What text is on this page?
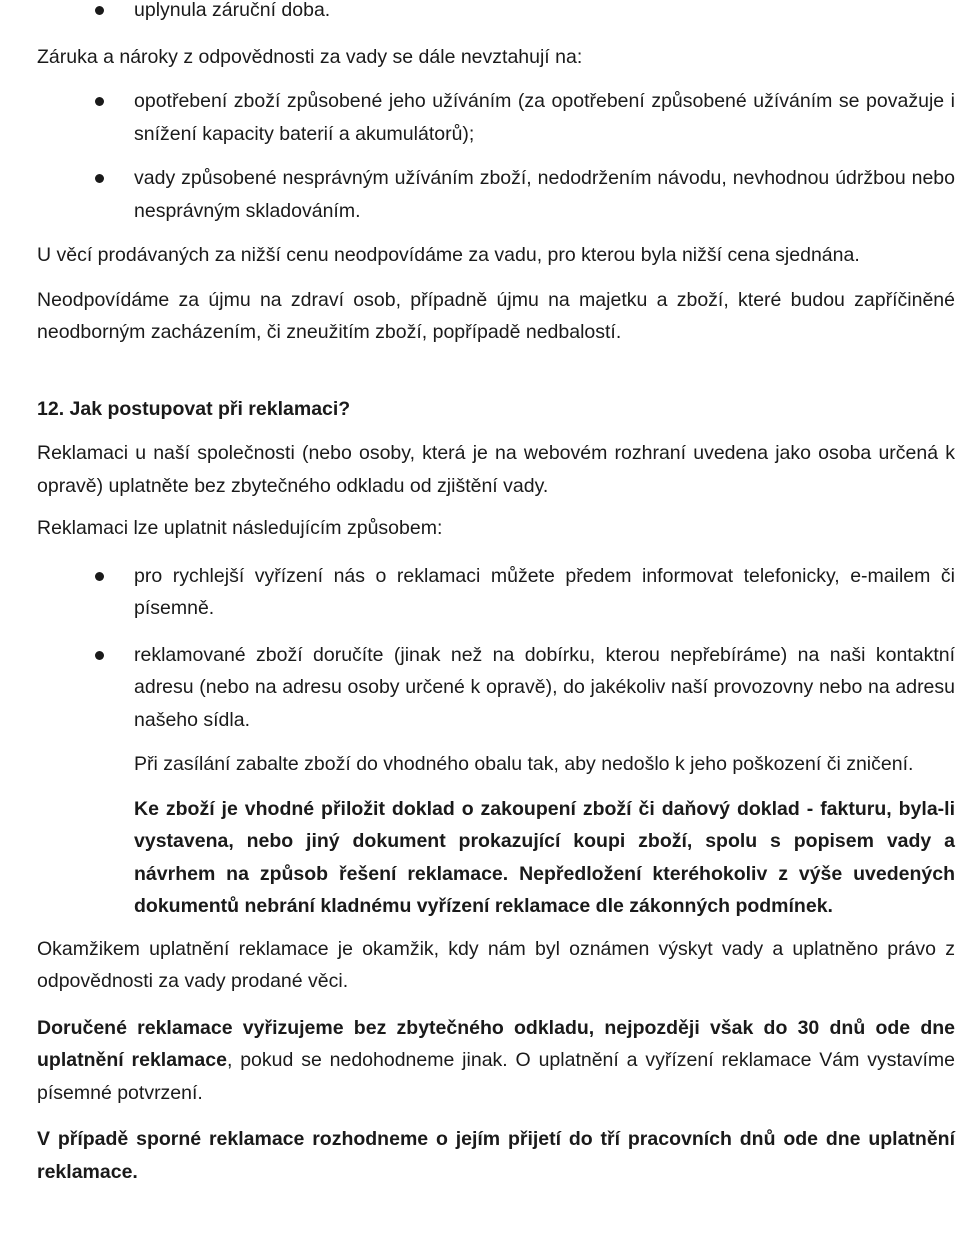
uplynula záruční doba.

Záruka a nároky z odpovědnosti za vady se dále nevztahují na:

opotřebení zboží způsobené jeho užíváním (za opotřebení způsobené užíváním se považuje i snížení kapacity baterií a akumulátorů);

vady způsobené nesprávným užíváním zboží, nedodržením návodu, nevhodnou údržbou nebo nesprávným skladováním.

U věcí prodávaných za nižší cenu neodpovídáme za vadu, pro kterou byla nižší cena sjednána.

Neodpovídáme za újmu na zdraví osob, případně újmu na majetku a zboží, které budou zapříčiněné neodborným zacházením, či zneužitím zboží, popřípadě nedbalostí.

12. Jak postupovat při reklamaci?

Reklamaci u naší společnosti (nebo osoby, která je na webovém rozhraní uvedena jako osoba určená k opravě) uplatněte bez zbytečného odkladu od zjištění vady.

Reklamaci lze uplatnit následujícím způsobem:

pro rychlejší vyřízení nás o reklamaci můžete předem informovat telefonicky, e-mailem či písemně.

reklamované zboží doručíte (jinak než na dobírku, kterou nepřebíráme) na naši kontaktní adresu (nebo na adresu osoby určené k opravě), do jakékoliv naší provozovny nebo na adresu našeho sídla.

Při zasílání zabalte zboží do vhodného obalu tak, aby nedošlo k jeho poškození či zničení.

Ke zboží je vhodné přiložit doklad o zakoupení zboží či daňový doklad - fakturu, byla-li vystavena, nebo jiný dokument prokazující koupi zboží, spolu s popisem vady a návrhem na způsob řešení reklamace. Nepředložení kteréhokoliv z výše uvedených dokumentů nebrání kladnému vyřízení reklamace dle zákonných podmínek.

Okamžikem uplatnění reklamace je okamžik, kdy nám byl oznámen výskyt vady a uplatněno právo z odpovědnosti za vady prodané věci.

Doručené reklamace vyřizujeme bez zbytečného odkladu, nejpozději však do 30 dnů ode dne uplatnění reklamace, pokud se nedohodneme jinak. O uplatnění a vyřízení reklamace Vám vystavíme písemné potvrzení.

V případě sporné reklamace rozhodneme o jejím přijetí do tří pracovních dnů ode dne uplatnění reklamace.
